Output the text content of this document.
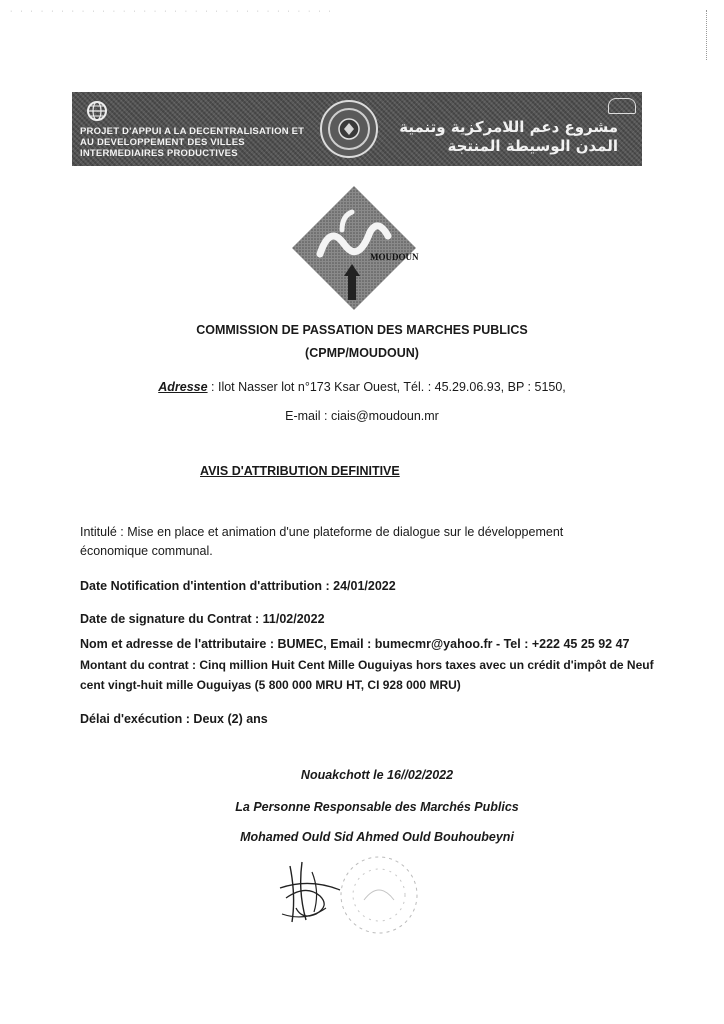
· · · · · · · · · · · · · · · · · · · · · · · · · · · · · · · ·
PROJET D'APPUI A LA DECENTRALISATION ET AU DEVELOPPEMENT DES VILLES INTERMEDIAIRES PRODUCTIVES
مشروع دعم اللامركزية وتنمية المدن الوسيطة المنتجة
MOUDOUN
COMMISSION DE PASSATION DES MARCHES PUBLICS
(CPMP/MOUDOUN)
Adresse : Ilot Nasser lot n°173 Ksar Ouest, Tél. : 45.29.06.93, BP : 5150,
E-mail : ciais@moudoun.mr
AVIS D'ATTRIBUTION DEFINITIVE
Intitulé : Mise en place et animation d'une plateforme de dialogue sur le développement
économique communal.
Date Notification d'intention d'attribution : 24/01/2022
Date de signature du Contrat : 11/02/2022
Nom et adresse de l'attributaire : BUMEC, Email : bumecmr@yahoo.fr - Tel : +222 45 25 92 47
Montant du contrat : Cinq million Huit Cent Mille Ouguiyas hors taxes avec un crédit d'impôt de Neuf
cent vingt-huit mille Ouguiyas (5 800 000 MRU HT, CI 928 000 MRU)
Délai d'exécution : Deux (2) ans
Nouakchott le 16//02/2022
La Personne Responsable des Marchés Publics
Mohamed Ould Sid Ahmed Ould Bouhoubeyni
